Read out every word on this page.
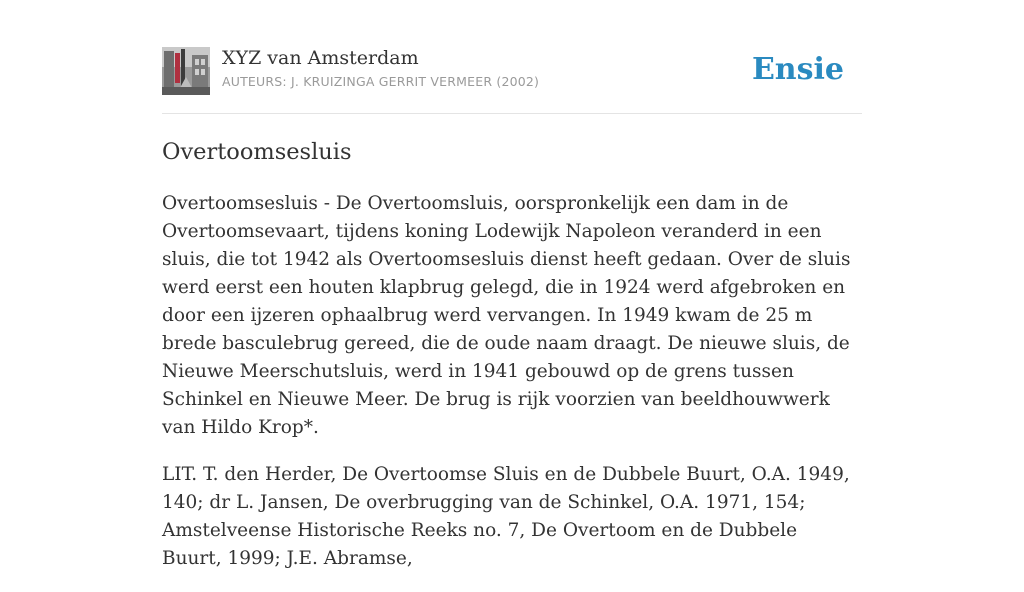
XYZ van Amsterdam
AUTEURS: J. KRUIZINGA GERRIT VERMEER (2002)	Ensie
Overtoomsesluis

Overtoomsesluis - De Overtoomsluis, oorspronkelijk een dam in de Overtoomsevaart, tijdens koning Lodewijk Napoleon veranderd in een sluis, die tot 1942 als Overtoomsesluis dienst heeft gedaan. Over de sluis werd eerst een houten klapbrug gelegd, die in 1924 werd afgebroken en door een ijzeren ophaalbrug werd vervangen. In 1949 kwam de 25 m brede basculebrug gereed, die de oude naam draagt. De nieuwe sluis, de Nieuwe Meerschutsluis, werd in 1941 gebouwd op de grens tussen Schinkel en Nieuwe Meer. De brug is rijk voorzien van beeldhouwwerk van Hildo Krop*.

LIT. T. den Herder, De Overtoomse Sluis en de Dubbele Buurt, O.A. 1949, 140; dr L. Jansen, De overbrugging van de Schinkel, O.A. 1971, 154; Amstelveense Historische Reeks no. 7, De Overtoom en de Dubbele Buurt, 1999; J.E. Abramse,
